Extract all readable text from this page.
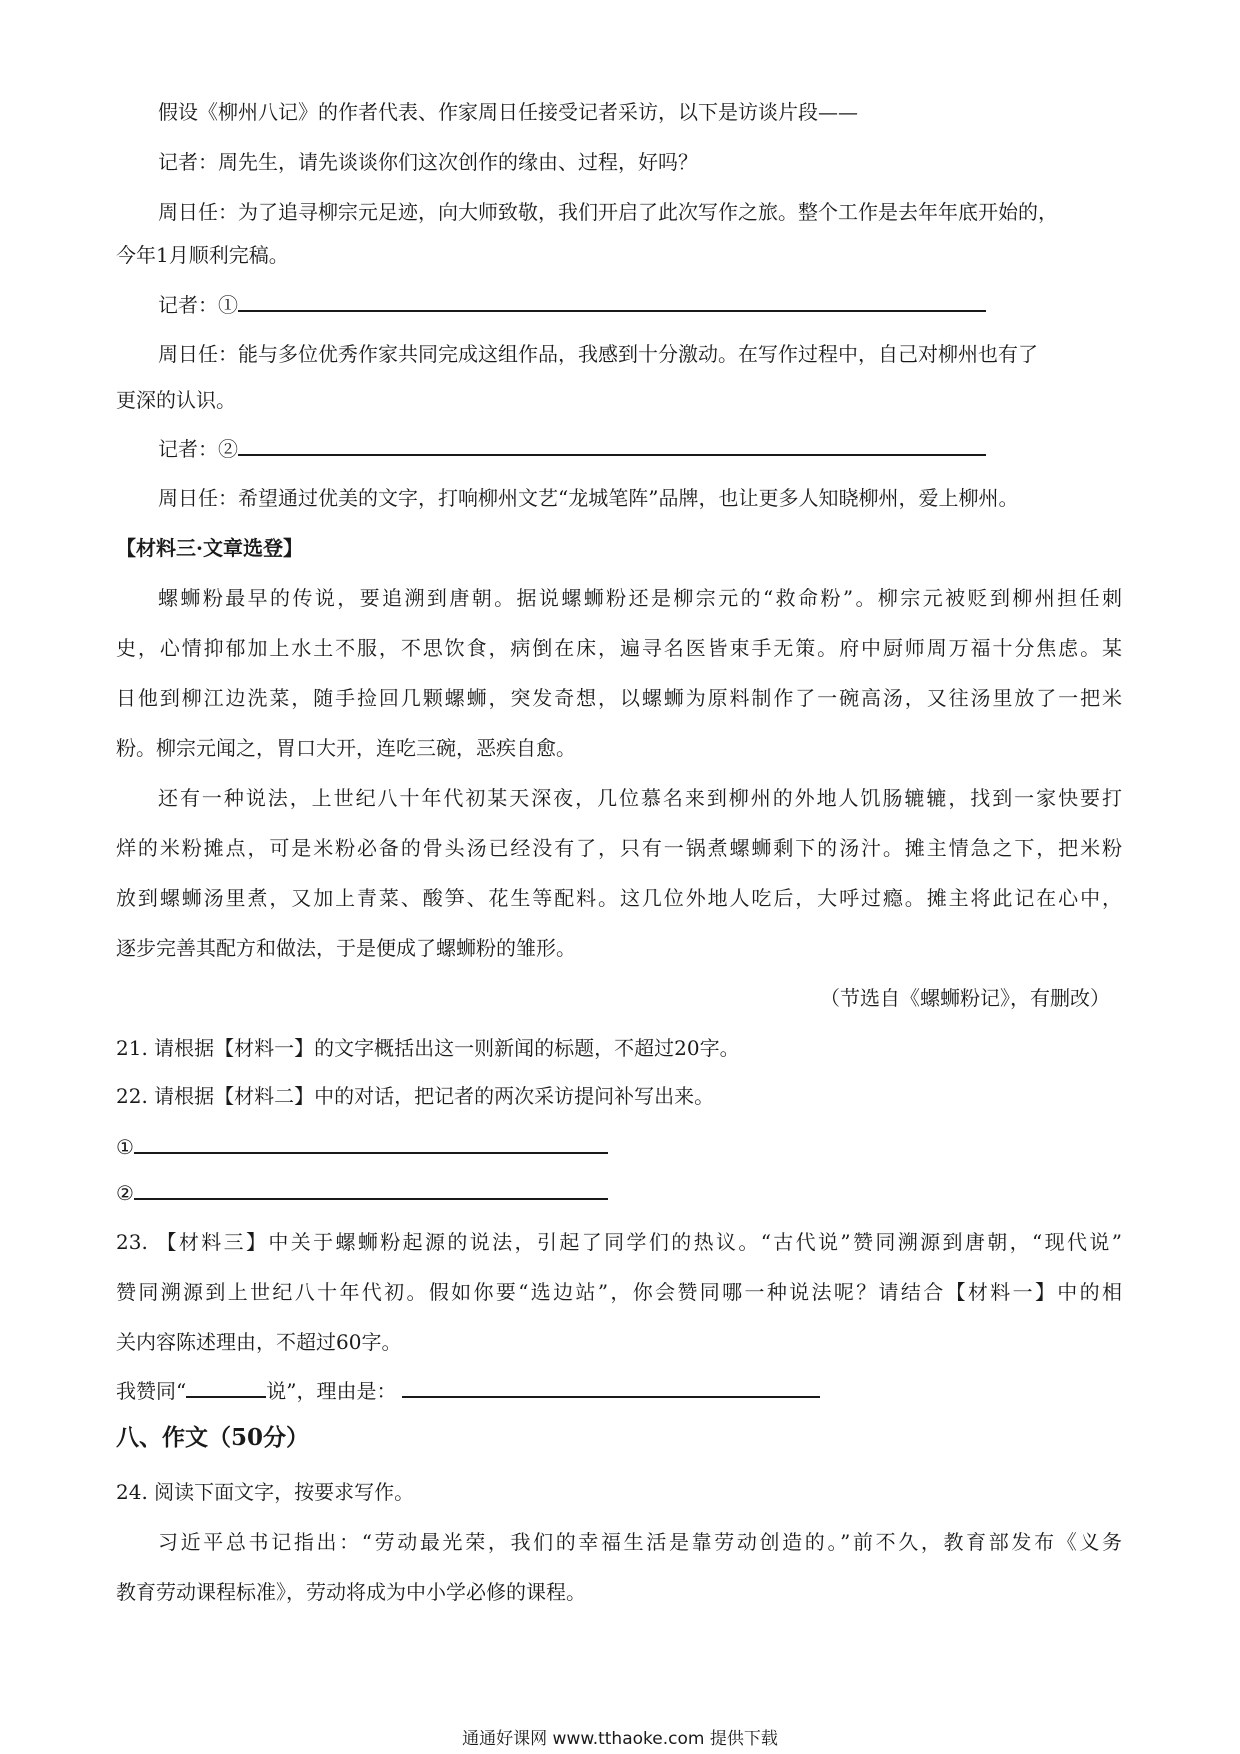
假设《柳州八记》的作者代表、作家周日任接受记者采访，以下是访谈片段——
记者：周先生，请先谈谈你们这次创作的缘由、过程，好吗？
周日任：为了追寻柳宗元足迹，向大师致敬，我们开启了此次写作之旅。整个工作是去年年底开始的，
今年1月顺利完稿。
记者：①
周日任：能与多位优秀作家共同完成这组作品，我感到十分激动。在写作过程中，自己对柳州也有了
更深的认识。
记者：②
周日任：希望通过优美的文字，打响柳州文艺“龙城笔阵”品牌，也让更多人知晓柳州，爱上柳州。
【材料三·文章选登】
螺蛳粉最早的传说，要追溯到唐朝。据说螺蛳粉还是柳宗元的“救命粉”。柳宗元被贬到柳州担任刺
史，心情抑郁加上水土不服，不思饮食，病倒在床，遍寻名医皆束手无策。府中厨师周万福十分焦虑。某
日他到柳江边洗菜，随手捡回几颗螺蛳，突发奇想，以螺蛳为原料制作了一碗高汤，又往汤里放了一把米
粉。柳宗元闻之，胃口大开，连吃三碗，恶疾自愈。
还有一种说法，上世纪八十年代初某天深夜，几位慕名来到柳州的外地人饥肠辘辘，找到一家快要打
烊的米粉摊点，可是米粉必备的骨头汤已经没有了，只有一锅煮螺蛳剩下的汤汁。摊主情急之下，把米粉
放到螺蛳汤里煮，又加上青菜、酸笋、花生等配料。这几位外地人吃后，大呼过瘾。摊主将此记在心中，
逐步完善其配方和做法，于是便成了螺蛳粉的雏形。
（节选自《螺蛳粉记》，有删改）
21. 请根据【材料一】的文字概括出这一则新闻的标题，不超过20字。
22. 请根据【材料二】中的对话，把记者的两次采访提问补写出来。
①
②
23. 【材料三】中关于螺蛳粉起源的说法，引起了同学们的热议。“古代说”赞同溯源到唐朝，“现代说”
赞同溯源到上世纪八十年代初。假如你要“选边站”，你会赞同哪一种说法呢？请结合【材料一】中的相
关内容陈述理由，不超过60字。
我赞同“	说”，理由是：
八、作文（50分）
24. 阅读下面文字，按要求写作。
习近平总书记指出：“劳动最光荣，我们的幸福生活是靠劳动创造的。”前不久，教育部发布《义务
教育劳动课程标准》，劳动将成为中小学必修的课程。
通通好课网 www.tthaoke.com 提供下载
